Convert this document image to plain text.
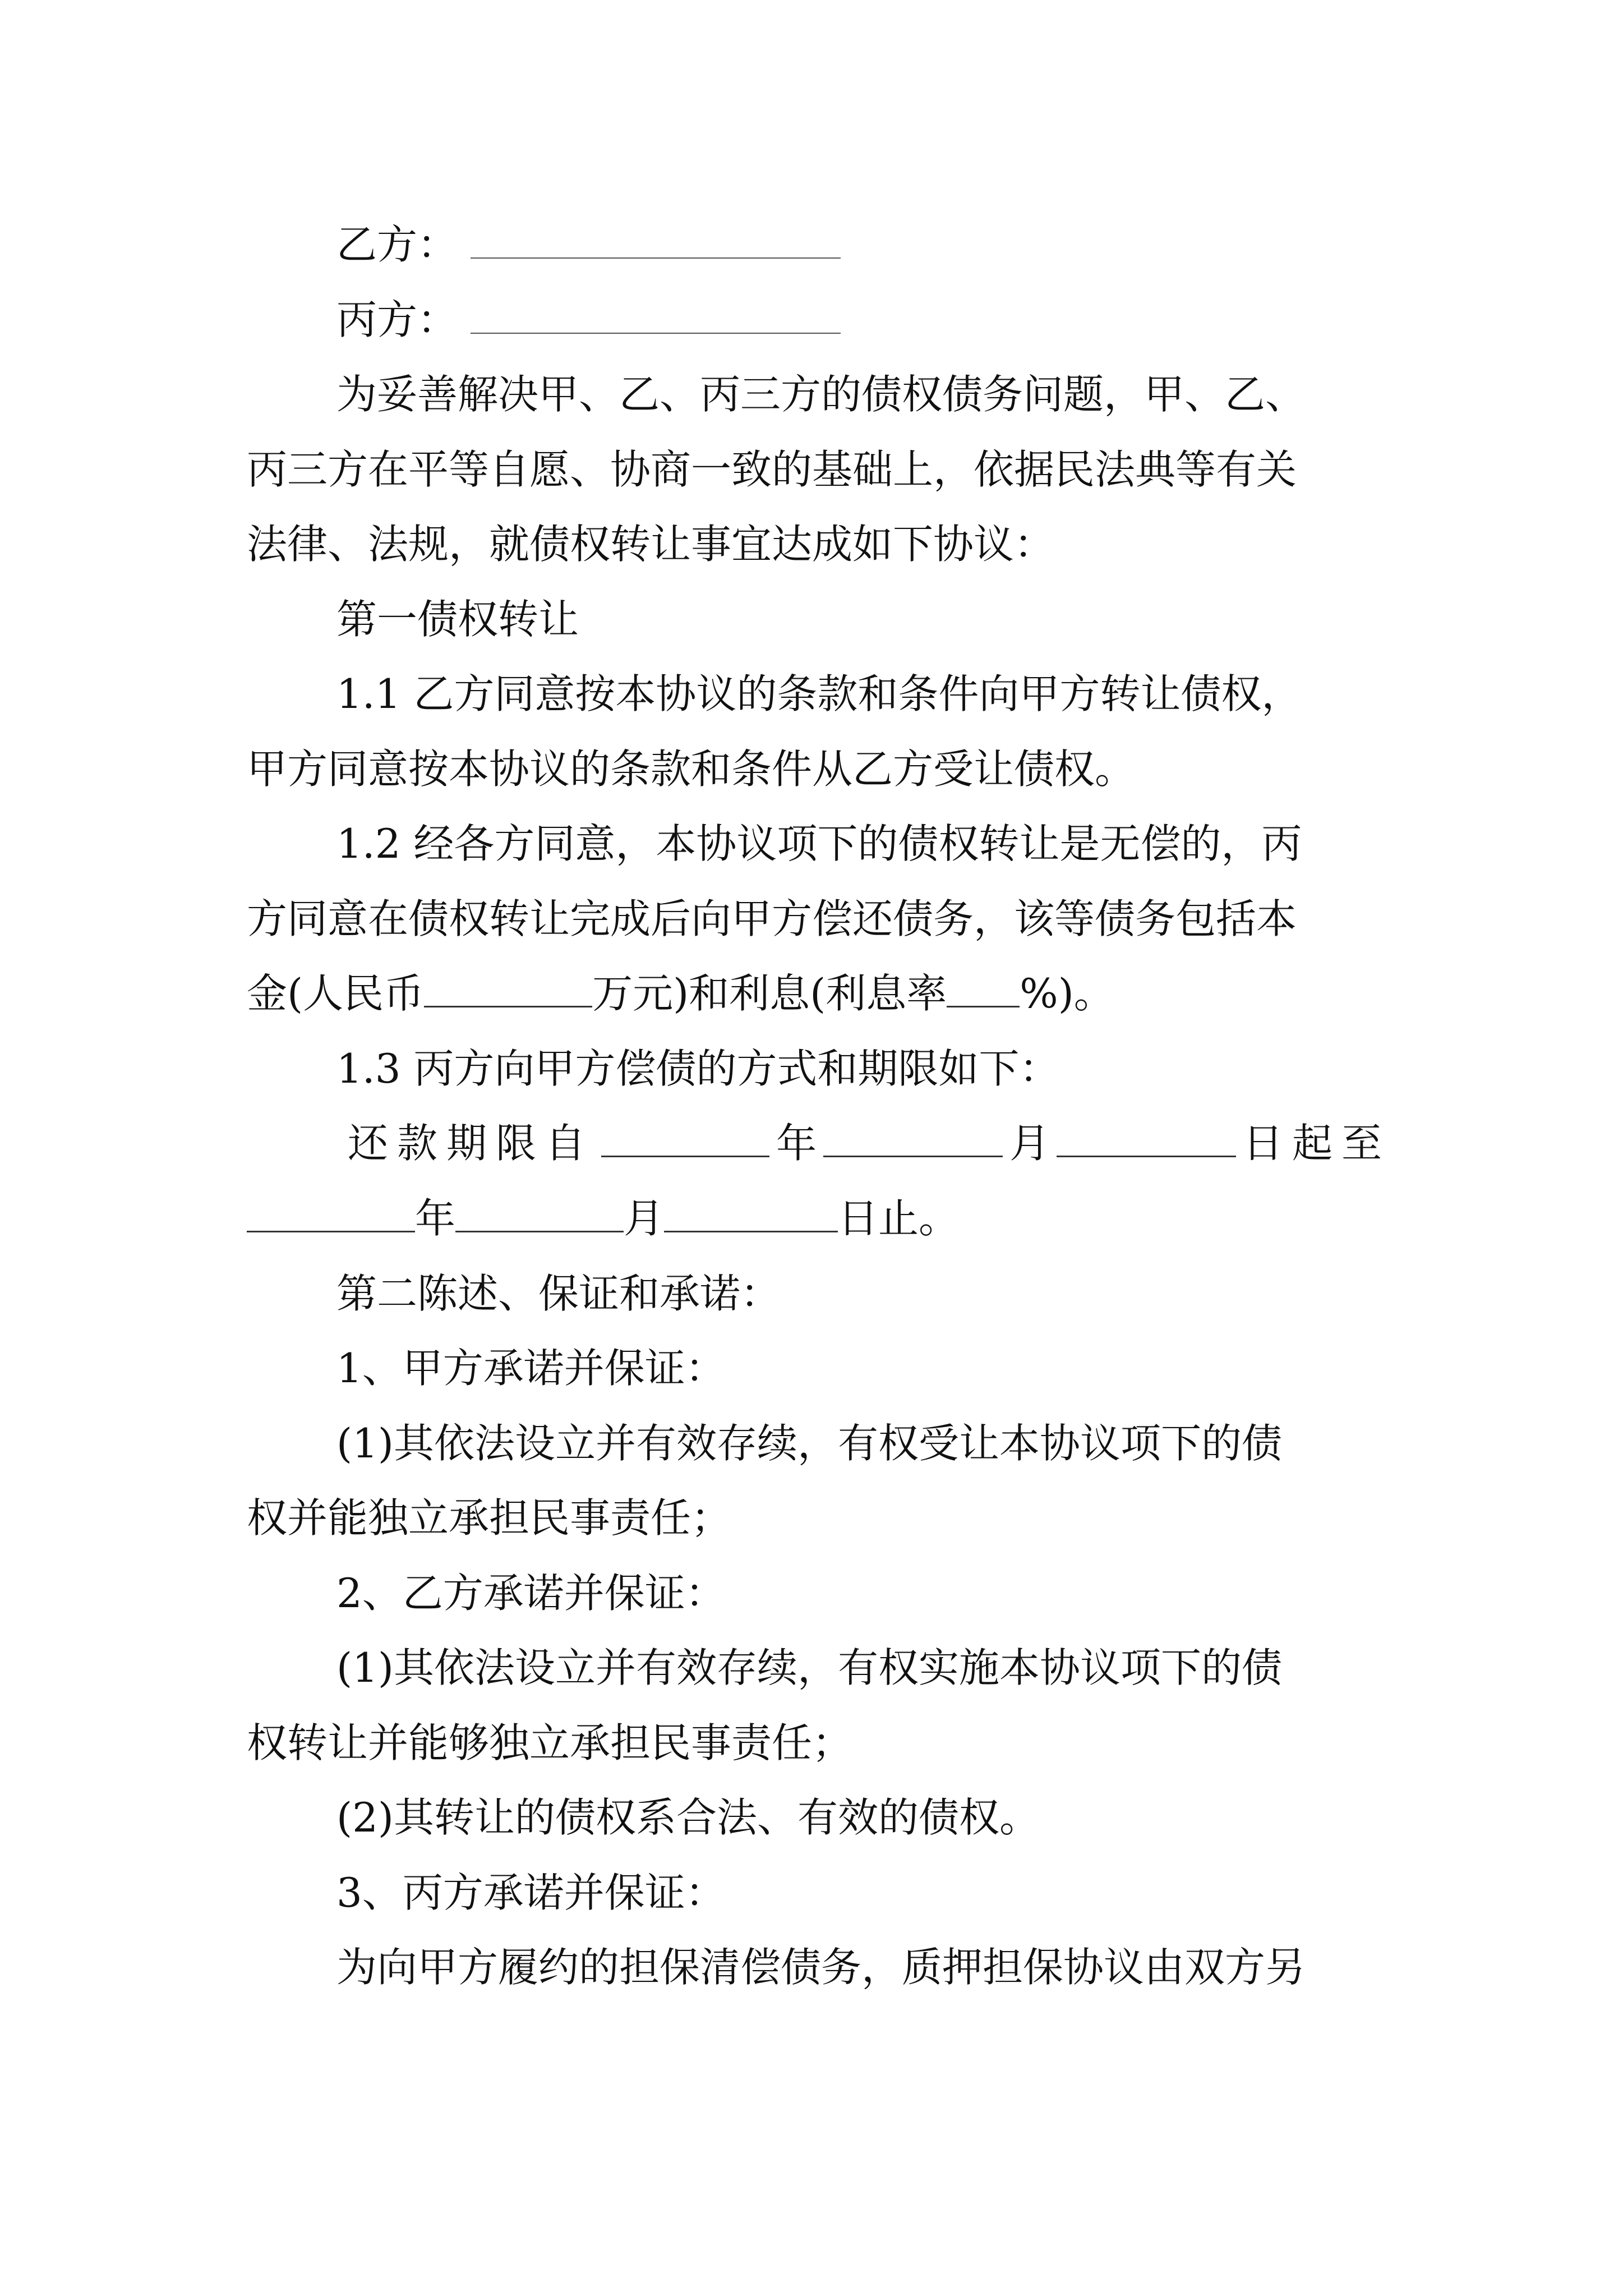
乙方：
丙方：
为妥善解决甲、乙、丙三方的债权债务问题，甲、乙、
丙三方在平等自愿、协商一致的基础上，依据民法典等有关
法律、法规，就债权转让事宜达成如下协议：
第一债权转让
1.1 乙方同意按本协议的条款和条件向甲方转让债权，
甲方同意按本协议的条款和条件从乙方受让债权。
1.2 经各方同意，本协议项下的债权转让是无偿的，丙
方同意在债权转让完成后向甲方偿还债务，该等债务包括本
金(人民币	万元)和利息(利息率 %)。
1.3 丙方向甲方偿债的方式和期限如下：
还款期限自	年	月	日起至
年	月	日止。
第二陈述、保证和承诺：
1、甲方承诺并保证：
(1)其依法设立并有效存续，有权受让本协议项下的债
权并能独立承担民事责任；
2、乙方承诺并保证：
(1)其依法设立并有效存续，有权实施本协议项下的债
权转让并能够独立承担民事责任；
(2)其转让的债权系合法、有效的债权。
3、丙方承诺并保证：
为向甲方履约的担保清偿债务，质押担保协议由双方另
